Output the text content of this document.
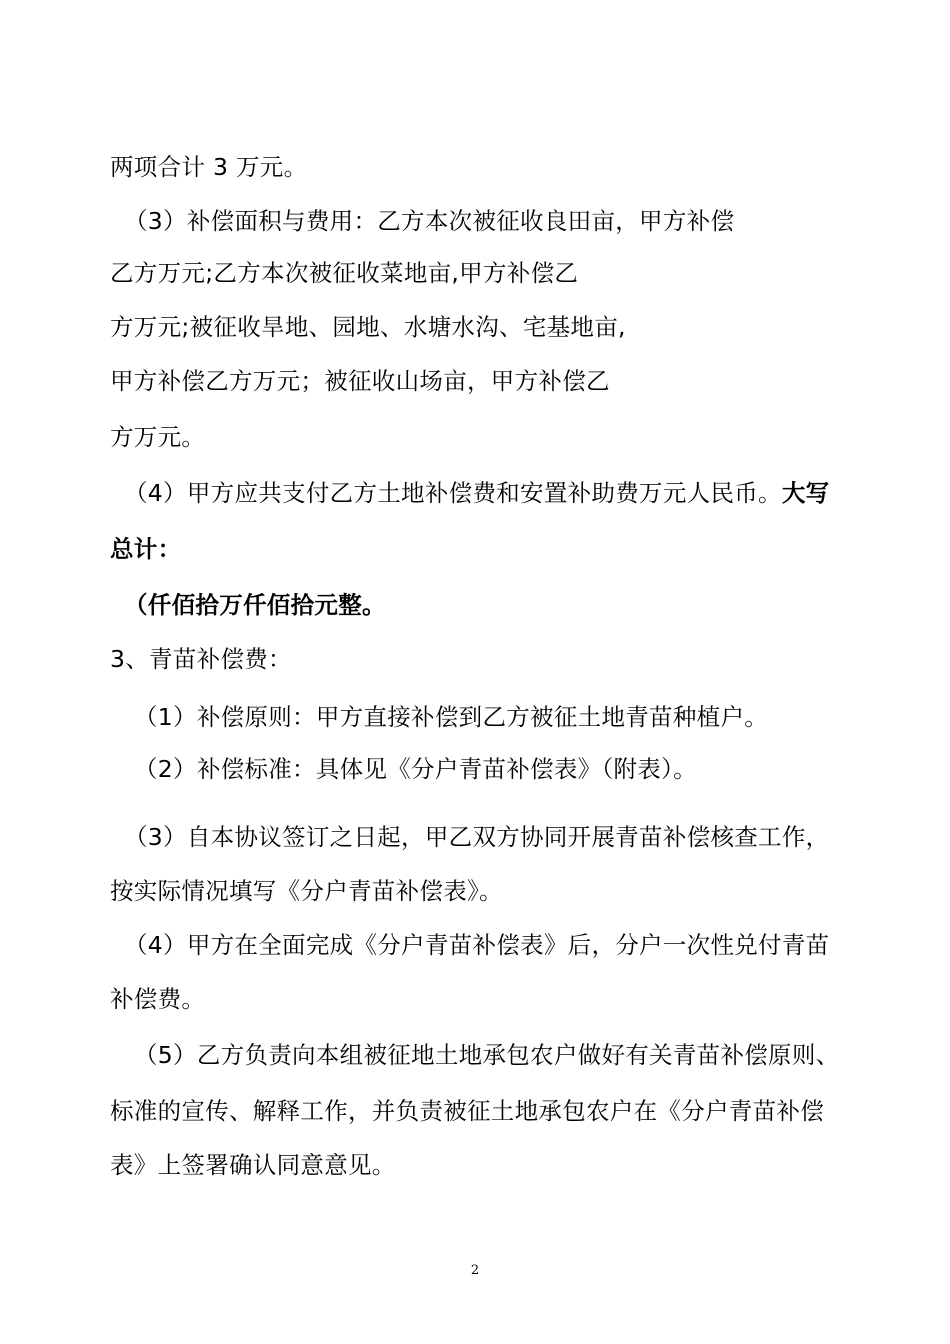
两项合计 3 万元。
（3）补偿面积与费用：乙方本次被征收良田亩，甲方补偿
乙方万元;乙方本次被征收菜地亩,甲方补偿乙
方万元;被征收旱地、园地、水塘水沟、宅基地亩,
甲方补偿乙方万元；被征收山场亩，甲方补偿乙
方万元。
（4）甲方应共支付乙方土地补偿费和安置补助费万元人民币。大写
总计：
（仟佰拾万仟佰拾元整。
3、青苗补偿费：
（1）补偿原则：甲方直接补偿到乙方被征土地青苗种植户。
（2）补偿标准：具体见《分户青苗补偿表》（附表）。
（3）自本协议签订之日起，甲乙双方协同开展青苗补偿核查工作，
按实际情况填写《分户青苗补偿表》。
（4）甲方在全面完成《分户青苗补偿表》后，分户一次性兑付青苗
补偿费。
（5）乙方负责向本组被征地土地承包农户做好有关青苗补偿原则、
标准的宣传、解释工作，并负责被征土地承包农户在《分户青苗补偿
表》上签署确认同意意见。
2
